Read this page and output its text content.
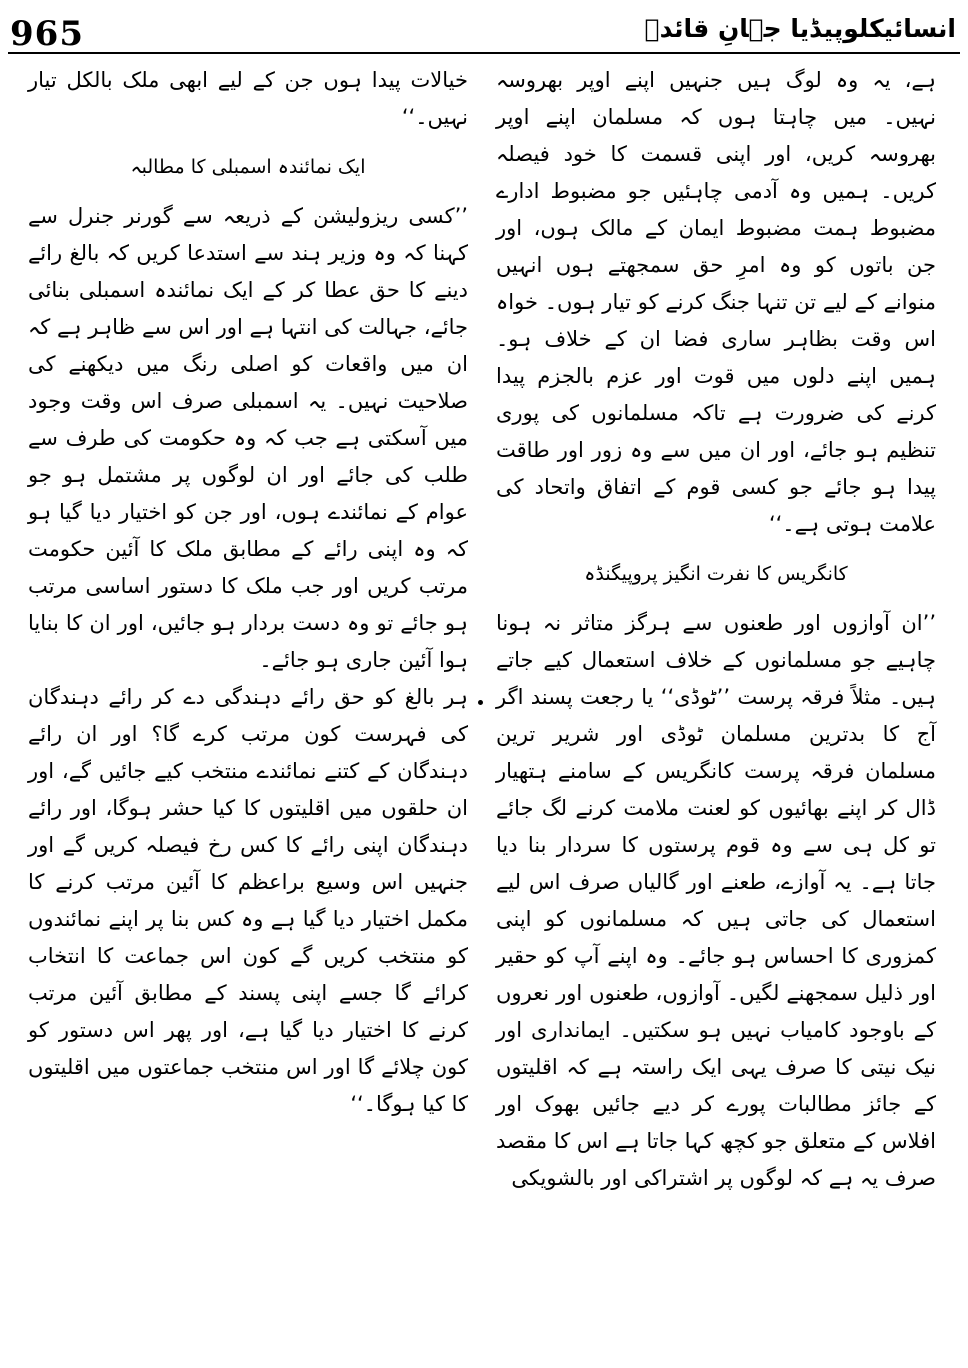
965	انسائیکلوپیڈیا جہانِ قائدؒ

ہے، یہ وہ لوگ ہیں جنہیں اپنے اوپر بھروسہ نہیں۔ میں چاہتا ہوں کہ مسلمان اپنے اوپر بھروسہ کریں، اور اپنی قسمت کا خود فیصلہ کریں۔ ہمیں وہ آدمی چاہئیں جو مضبوط ادارے مضبوط ہمت مضبوط ایمان کے مالک ہوں، اور جن باتوں کو وہ امرِ حق سمجھتے ہوں انہیں منوانے کے لیے تن تنہا جنگ کرنے کو تیار ہوں۔ خواہ اس وقت بظاہر ساری فضا ان کے خلاف ہو۔ ہمیں اپنے دلوں میں قوت اور عزم بالجزم پیدا کرنے کی ضرورت ہے تاکہ مسلمانوں کی پوری تنظیم ہو جائے، اور ان میں سے وہ زور اور طاقت پیدا ہو جائے جو کسی قوم کے اتفاق واتحاد کی علامت ہوتی ہے۔‘‘

کانگریس کا نفرت انگیز پروپیگنڈہ

’’ان آوازوں اور طعنوں سے ہرگز متاثر نہ ہونا چاہیے جو مسلمانوں کے خلاف استعمال کیے جاتے ہیں۔ مثلاً فرقہ پرست ’’ٹوڈی‘‘ یا رجعت پسند اگر آج کا بدترین مسلمان ٹوڈی اور شریر ترین مسلمان فرقہ پرست کانگریس کے سامنے ہتھیار ڈال کر اپنے بھائیوں کو لعنت ملامت کرنے لگ جائے تو کل ہی سے وہ قوم پرستوں کا سردار بنا دیا جاتا ہے۔ یہ آوازے، طعنے اور گالیاں صرف اس لیے استعمال کی جاتی ہیں کہ مسلمانوں کو اپنی کمزوری کا احساس ہو جائے۔ وہ اپنے آپ کو حقیر اور ذلیل سمجھنے لگیں۔ آوازوں، طعنوں اور نعروں کے باوجود کامیاب نہیں ہو سکتیں۔ ایمانداری اور نیک نیتی کا صرف یہی ایک راستہ ہے کہ اقلیتوں کے جائز مطالبات پورے کر دیے جائیں بھوک اور افلاس کے متعلق جو کچھ کہا جاتا ہے اس کا مقصد صرف یہ ہے کہ لوگوں پر اشتراکی اور بالشویکی

خیالات پیدا ہوں جن کے لیے ابھی ملک بالکل تیار نہیں۔‘‘

ایک نمائندہ اسمبلی کا مطالبہ

’’کسی ریزولیشن کے ذریعہ سے گورنر جنرل سے کہنا کہ وہ وزیر ہند سے استدعا کریں کہ بالغ رائے دینے کا حق عطا کر کے ایک نمائندہ اسمبلی بنائی جائے، جہالت کی انتہا ہے اور اس سے ظاہر ہے کہ ان میں واقعات کو اصلی رنگ میں دیکھنے کی صلاحیت نہیں۔ یہ اسمبلی صرف اس وقت وجود میں آسکتی ہے جب کہ وہ حکومت کی طرف سے طلب کی جائے اور ان لوگوں پر مشتمل ہو جو عوام کے نمائندے ہوں، اور جن کو اختیار دیا گیا ہو کہ وہ اپنی رائے کے مطابق ملک کا آئین حکومت مرتب کریں اور جب ملک کا دستور اساسی مرتب ہو جائے تو وہ دست بردار ہو جائیں، اور ان کا بنایا ہوا آئین جاری ہو جائے۔

ہر بالغ کو حق رائے دہندگی دے کر رائے دہندگان کی فہرست کون مرتب کرے گا؟ اور ان رائے دہندگان کے کتنے نمائندے منتخب کیے جائیں گے، اور ان حلقوں میں اقلیتوں کا کیا حشر ہوگا، اور رائے دہندگان اپنی رائے کا کس رخ فیصلہ کریں گے اور جنہیں اس وسیع براعظم کا آئین مرتب کرنے کا مکمل اختیار دیا گیا ہے وہ کس بنا پر اپنے نمائندوں کو منتخب کریں گے کون اس جماعت کا انتخاب کرائے گا جسے اپنی پسند کے مطابق آئین مرتب کرنے کا اختیار دیا گیا ہے، اور پھر اس دستور کو کون چلائے گا اور اس منتخب جماعتوں میں اقلیتوں کا کیا ہوگا۔‘‘
